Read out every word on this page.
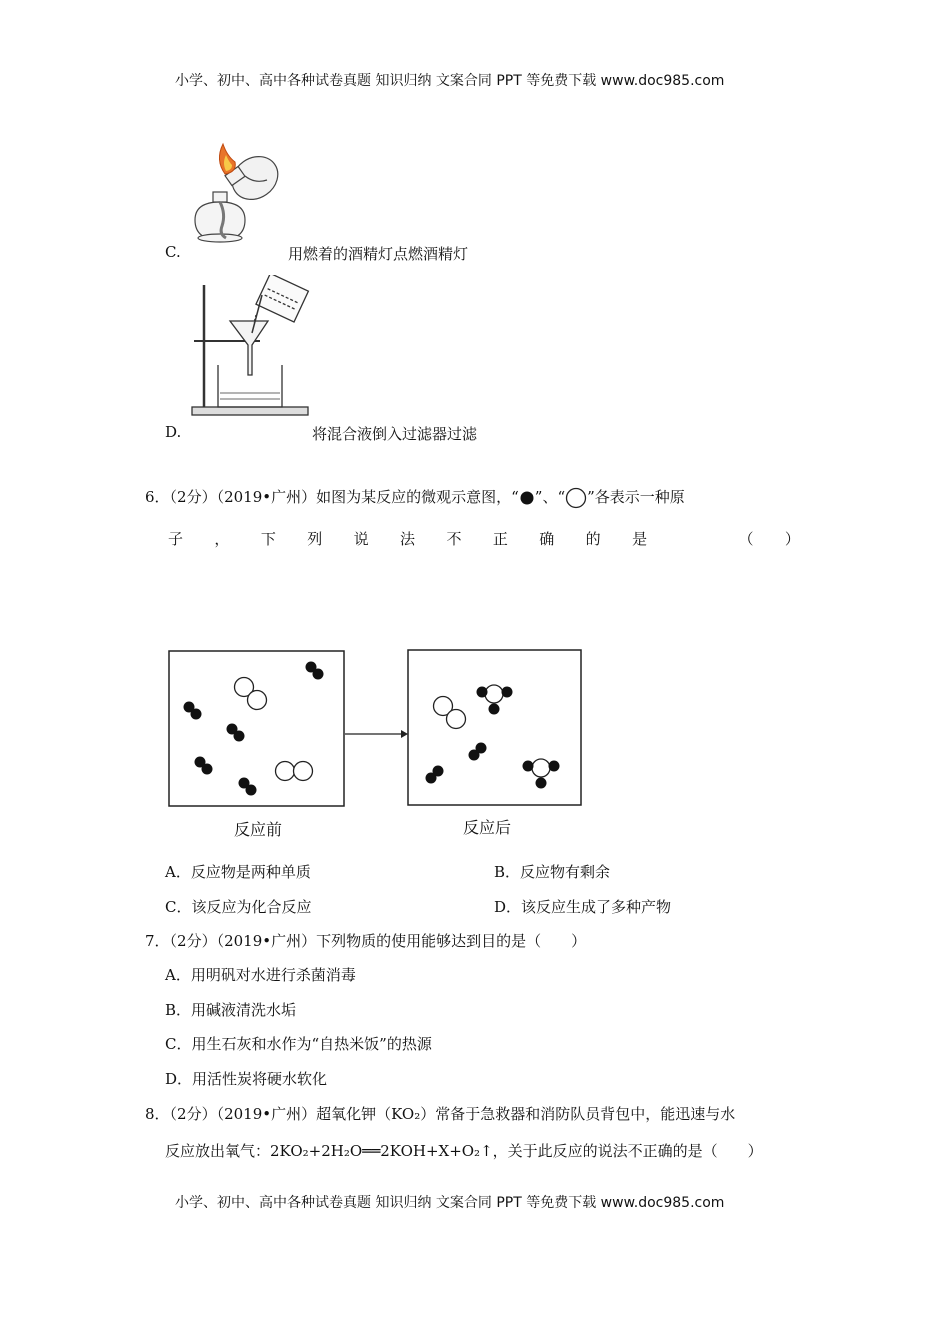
小学、初中、高中各种试卷真题 知识归纳 文案合同 PPT 等免费下载 www.doc985.com
C.	用燃着的酒精灯点燃酒精灯
D.	将混合液倒入过滤器过滤
6．（2分）（2019•广州）如图为某反应的微观示意图，“ ”、“ ”各表示一种原
子 ， 下 列 说 法 不 正 确 的 是	（ ）
反应前	反应后
A．反应物是两种单质	B．反应物有剩余
C．该反应为化合反应	D．该反应生成了多种产物
7．（2分）（2019•广州）下列物质的使用能够达到目的是（　　）
A．用明矾对水进行杀菌消毒
B．用碱液清洗水垢
C．用生石灰和水作为“自热米饭”的热源
D．用活性炭将硬水软化
8．（2分）（2019•广州）超氧化钾（KO₂）常备于急救器和消防队员背包中，能迅速与水
反应放出氧气：2KO₂+2H₂O══2KOH+X+O₂↑，关于此反应的说法不正确的是（　　）
小学、初中、高中各种试卷真题 知识归纳 文案合同 PPT 等免费下载 www.doc985.com
